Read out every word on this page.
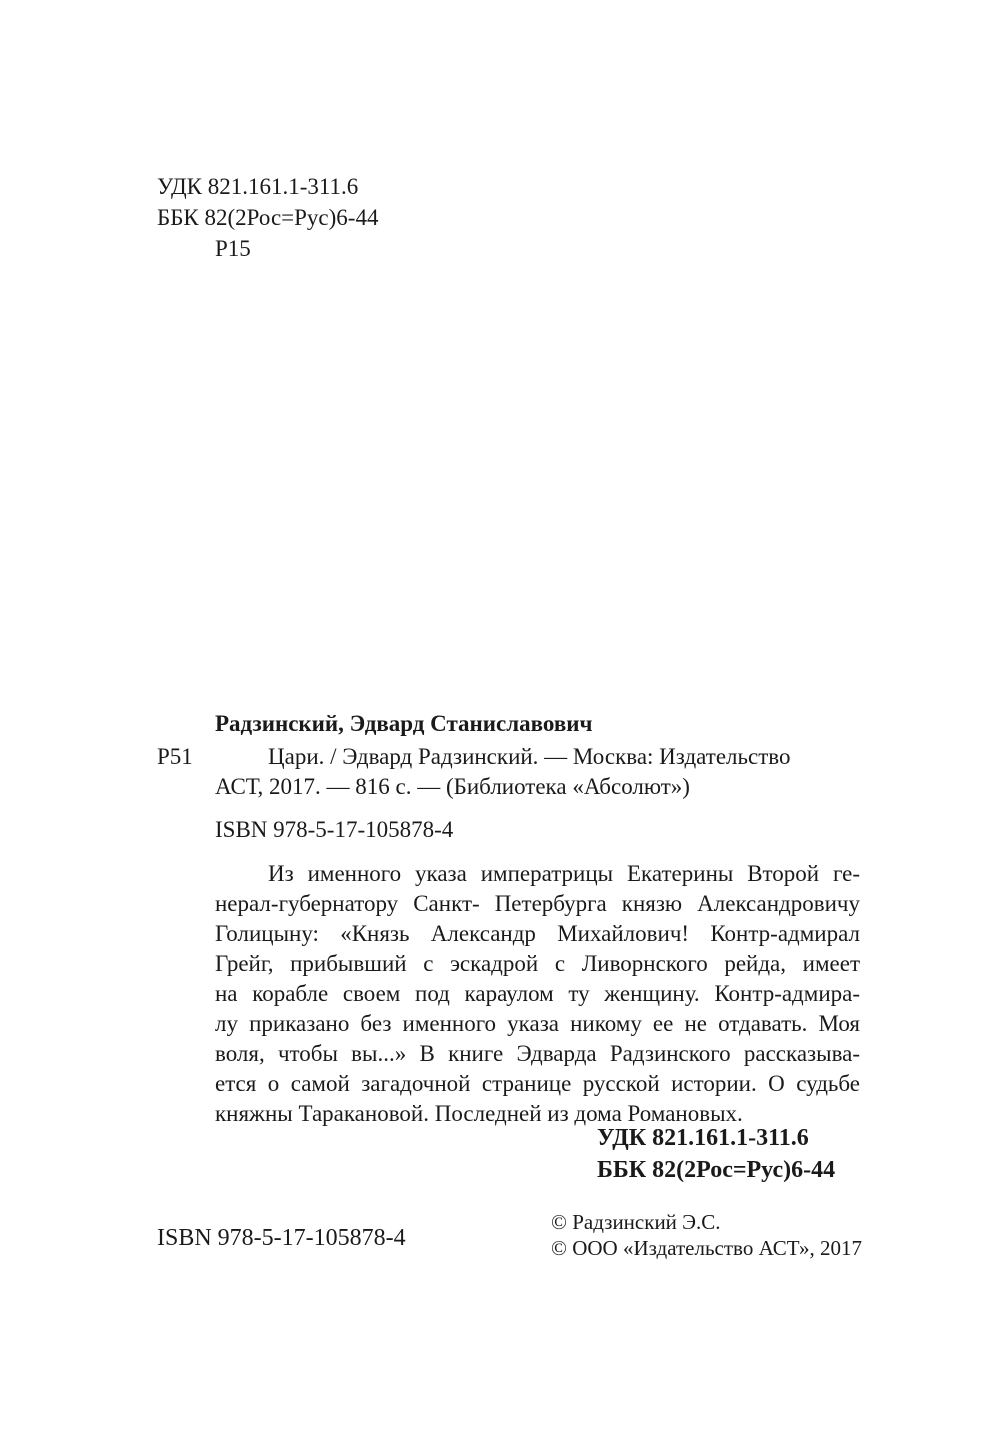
УДК 821.161.1-311.6
ББК 82(2Рос=Рус)6-44
Р15
Радзинский, Эдвард Станиславович
Р51	Цари. / Эдвард Радзинский. — Москва: Издательство
АСТ, 2017. — 816 с. — (Библиотека «Абсолют»)
ISBN 978-5-17-105878-4
Из именного указа императрицы Екатерины Второй ге-
нерал-губернатору Санкт- Петербурга князю Александровичу
Голицыну: «Князь Александр Михайлович! Контр-адмирал
Грейг, прибывший с эскадрой с Ливорнского рейда, имеет
на корабле своем под караулом ту женщину. Контр-адмира-
лу приказано без именного указа никому ее не отдавать. Моя
воля, чтобы вы...» В книге Эдварда Радзинского рассказыва-
ется о самой загадочной странице русской истории. О судьбе
княжны Таракановой. Последней из дома Романовых.
УДК 821.161.1-311.6
ББК 82(2Рос=Рус)6-44
ISBN 978-5-17-105878-4
© Радзинский Э.С.
© ООО «Издательство АСТ», 2017
